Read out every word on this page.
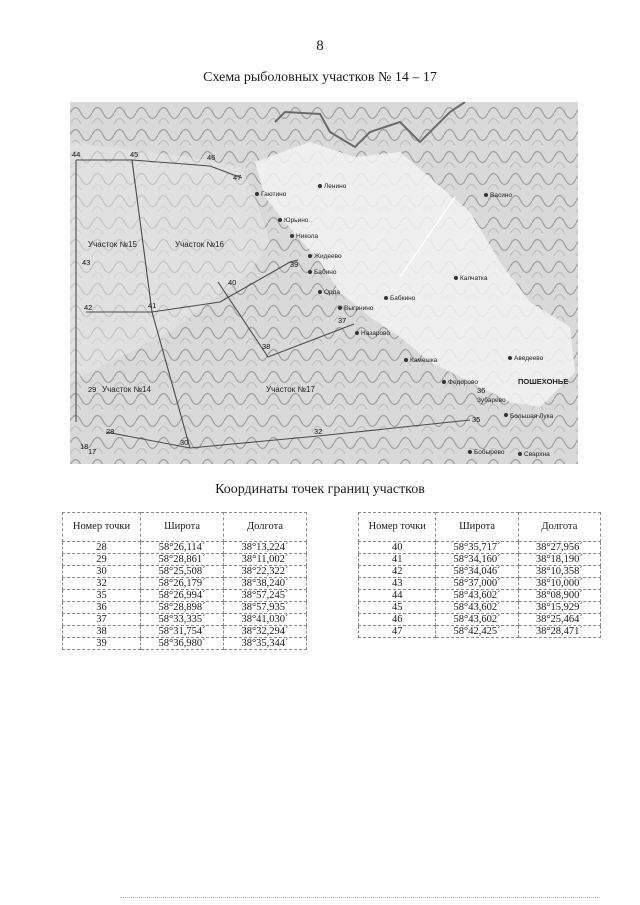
8
Схема рыболовных участков № 14 – 17
Участок №15	Участок №16
Участок №14	Участок №17
44	45	46
47
43
42	41
40
39
38
37
36
35
32
30
29
28
18
17
Гаютино
Ленино
Юрьино
Никола
Жидеево
Бабино
Орда
Выгрнино
Назарово
Камешка
Федорово
Зубарево
Васино
Калчатка
Бабкино
Аведеево
ПОШЕХОНЬЕ
Большая Лука
Свархна
Бобырево
Координаты точек границ участков
Номер точки	Широта	Долгота
28	58°26,114´	38°13,224´
29	58°28,861´	38°11,002´
30	58°25,508´	38°22,322´
32	58°26,179´	38°38,240´
35	58°26,994´	38°57,245´
36	58°28,898´	38°57,935´
37	58°33,335´	38°41,030´
38	58°31,754´	38°32,294´
39	58°36,980´	38°35,344´
Номер точки	Широта	Долгота
40	58°35,717´	38°27,956´
41	58°34,160´	38°18,190´
42	58°34,046´	38°10,358´
43	58°37,000´	38°10,000´
44	58°43,602´	38°08,900´
45	58°43,602´	38°15,929´
46	58°43,602´	38°25,464´
47	58°42,425´	38°28,471´
